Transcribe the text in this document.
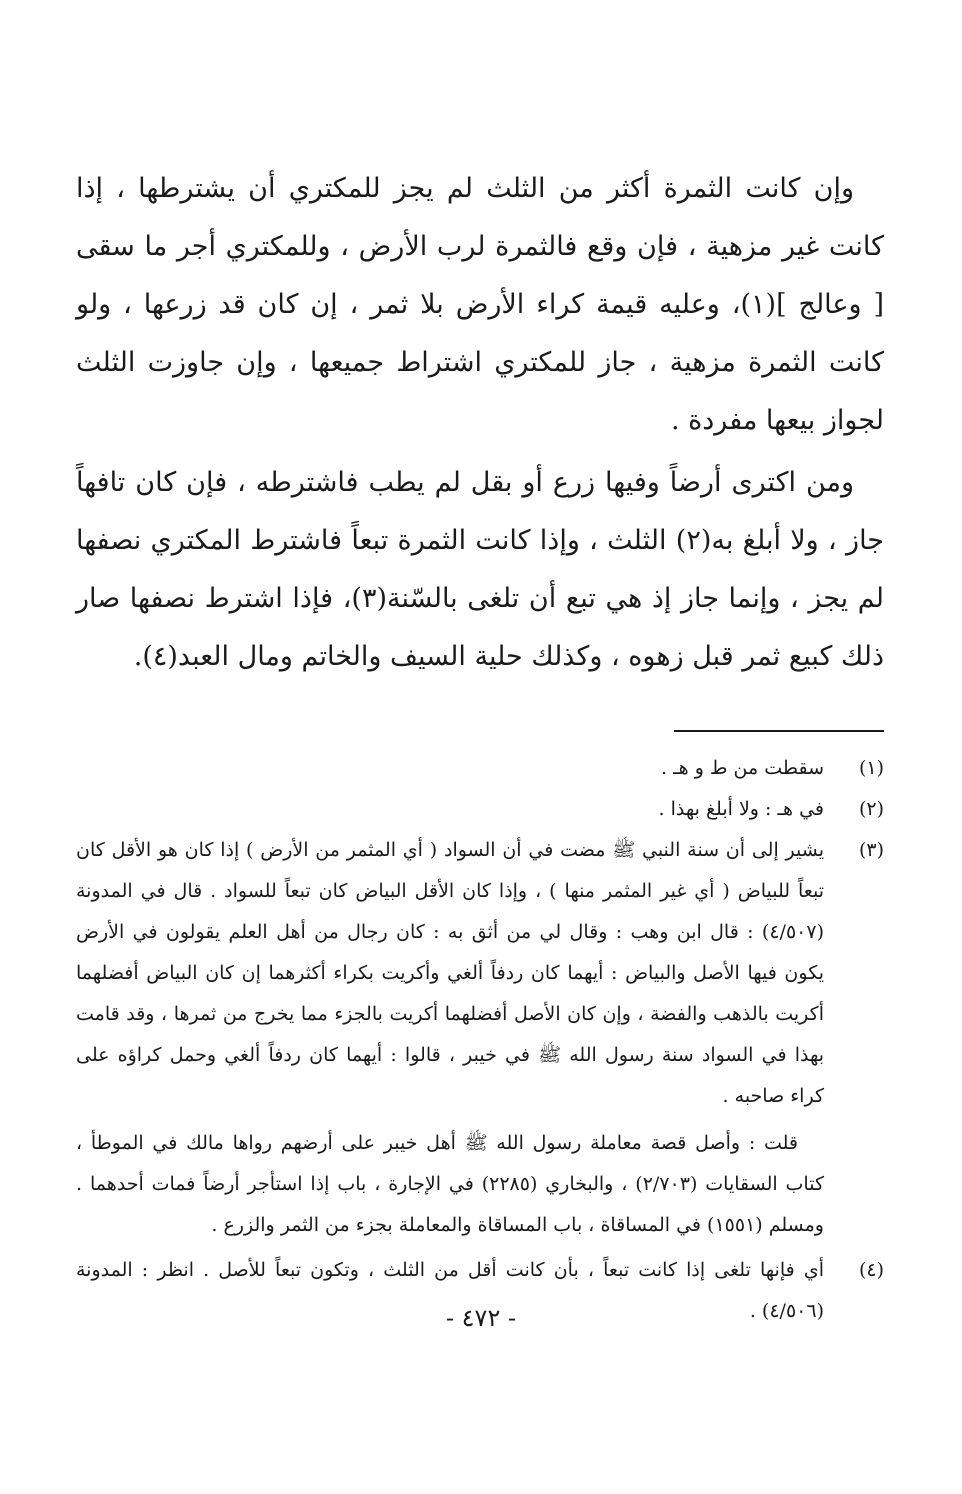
وإن كانت الثمرة أكثر من الثلث لم يجز للمكتري أن يشترطها ، إذا كانت غير مزهية ، فإن وقع فالثمرة لرب الأرض ، وللمكتري أجر ما سقى [ وعالج ](١)، وعليه قيمة كراء الأرض بلا ثمر ، إن كان قد زرعها ، ولو كانت الثمرة مزهية ، جاز للمكتري اشتراط جميعها ، وإن جاوزت الثلث لجواز بيعها مفردة .

ومن اكترى أرضاً وفيها زرع أو بقل لم يطب فاشترطه ، فإن كان تافهاً جاز ، ولا أبلغ به(٢) الثلث ، وإذا كانت الثمرة تبعاً فاشترط المكتري نصفها لم يجز ، وإنما جاز إذ هي تبع أن تلغى بالسّنة(٣)، فإذا اشترط نصفها صار ذلك كبيع ثمر قبل زهوه ، وكذلك حلية السيف والخاتم ومال العبد(٤).

(١)
سقطت من ط و هـ .
(٢)
في هـ : ولا أبلغ بهذا .
(٣)
يشير إلى أن سنة النبي ﷺ مضت في أن السواد ( أي المثمر من الأرض ) إذا كان هو الأقل كان تبعاً للبياض ( أي غير المثمر منها ) ، وإذا كان الأقل البياض كان تبعاً للسواد . قال في المدونة (٤/٥٠٧) : قال ابن وهب : وقال لي من أثق به : كان رجال من أهل العلم يقولون في الأرض يكون فيها الأصل والبياض : أيهما كان ردفاً ألغي وأكريت بكراء أكثرهما إن كان البياض أفضلهما أكريت بالذهب والفضة ، وإن كان الأصل أفضلهما أكريت بالجزء مما يخرج من ثمرها ، وقد قامت بهذا في السواد سنة رسول الله ﷺ في خيبر ، قالوا : أيهما كان ردفاً ألغي وحمل كراؤه على كراء صاحبه .

قلت : وأصل قصة معاملة رسول الله ﷺ أهل خيبر على أرضهم رواها مالك في الموطأ ، كتاب السقايات (٢/٧٠٣) ، والبخاري (٢٢٨٥) في الإجارة ، باب إذا استأجر أرضاً فمات أحدهما . ومسلم (١٥٥١) في المساقاة ، باب المساقاة والمعاملة بجزء من الثمر والزرع .

(٤)
أي فإنها تلغى إذا كانت تبعاً ، بأن كانت أقل من الثلث ، وتكون تبعاً للأصل . انظر : المدونة (٤/٥٠٦) .
- ٤٧٢ -
